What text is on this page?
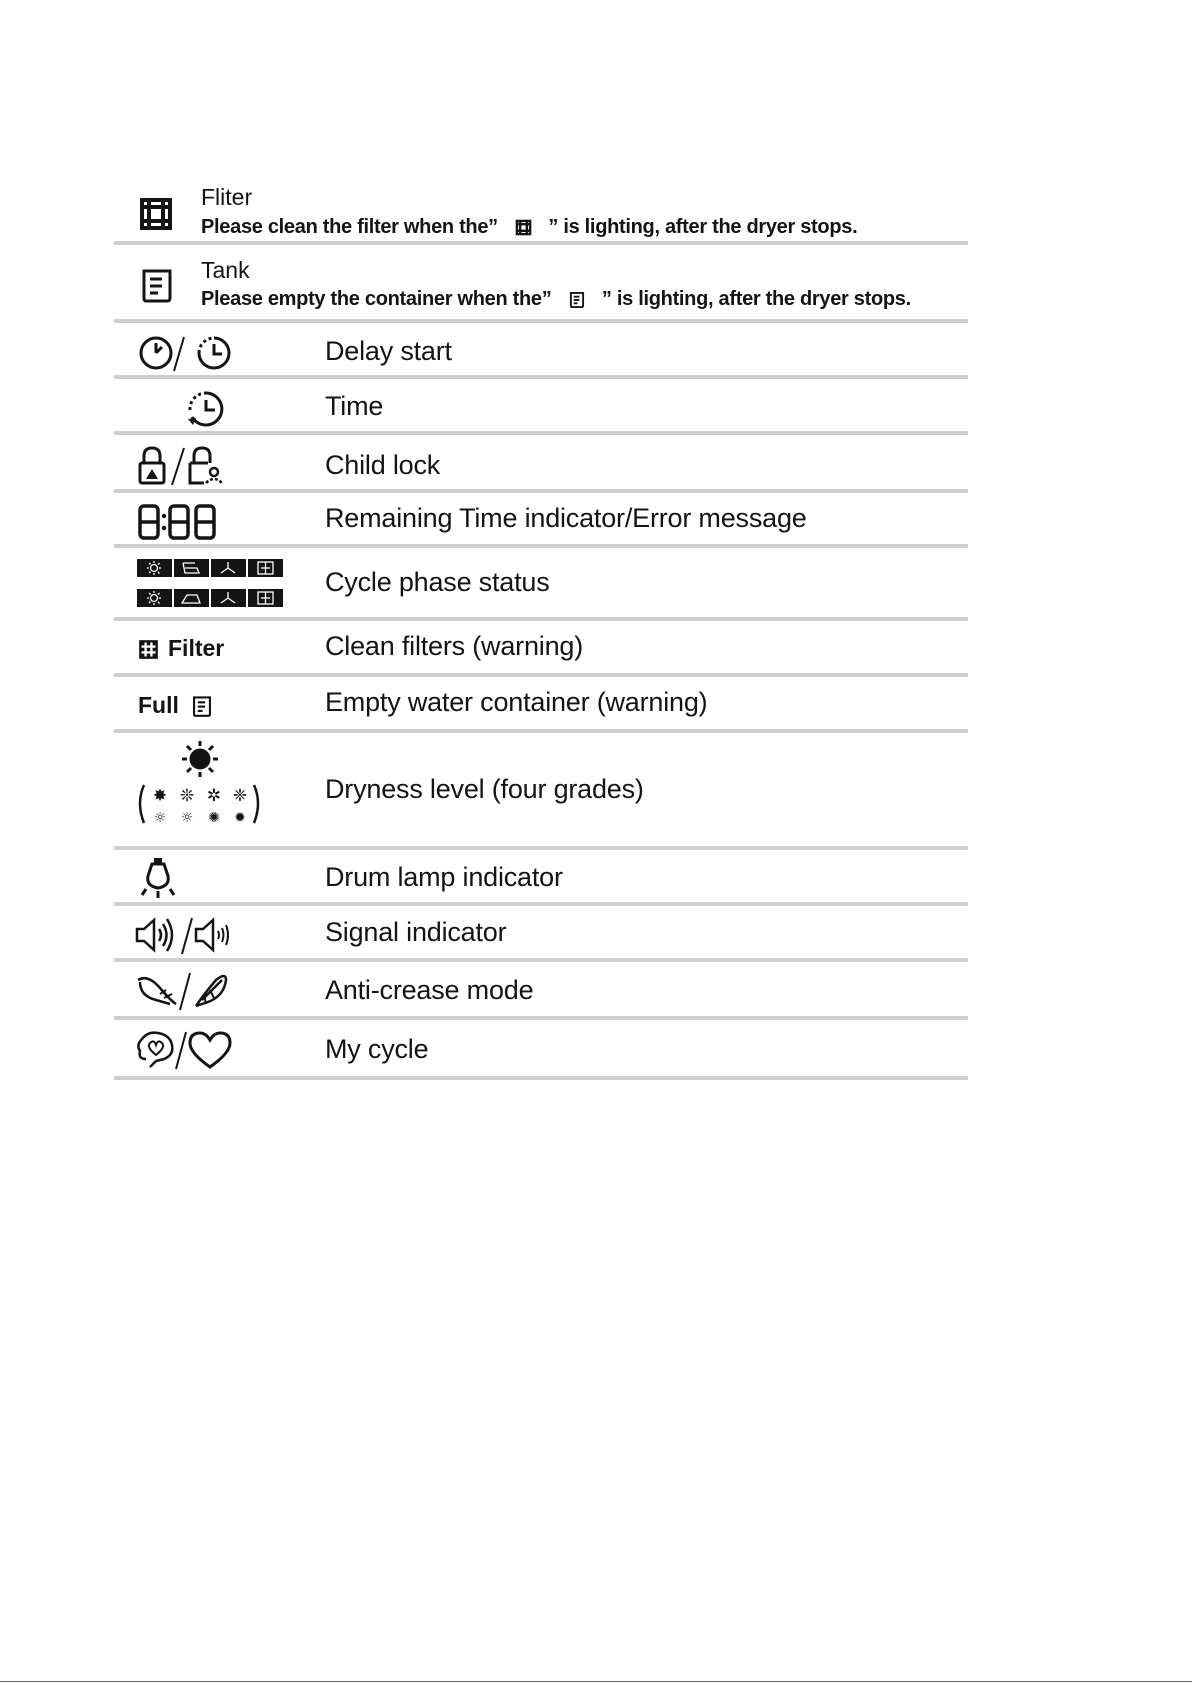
Fliter
Please clean the filter when the”
” is lighting, after the dryer stops.
Tank
Please empty the container when the”
” is lighting, after the dryer stops.
Delay start
Time
Child lock
Remaining Time indicator/Error message
Cycle phase status
Filter	Clean filters (warning)
Full	Empty water container (warning)
✸ ❊ ✲ ❈
☼ ☼ ✺ ✹
Dryness level (four grades)
Drum lamp indicator
Signal indicator
Anti-crease mode
My cycle
